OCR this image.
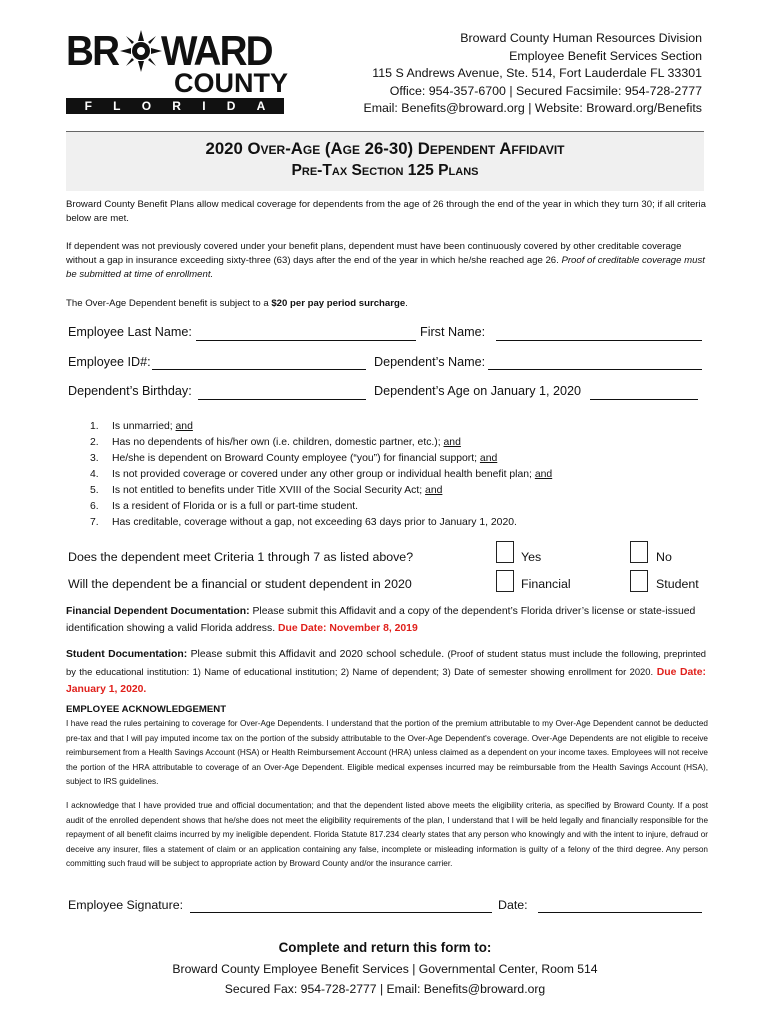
BR WARD
COUNTY
F L O R I D A
Broward County Human Resources Division
Employee Benefit Services Section
115 S Andrews Avenue, Ste. 514, Fort Lauderdale FL 33301
Office: 954-357-6700 | Secured Facsimile: 954-728-2777
Email: Benefits@broward.org | Website: Broward.org/Benefits
2020 Over-Age (Age 26-30) Dependent Affidavit
Pre-Tax Section 125 Plans
Broward County Benefit Plans allow medical coverage for dependents from the age of 26 through the end of the year in which they turn 30; if all criteria below are met.
If dependent was not previously covered under your benefit plans, dependent must have been continuously covered by other creditable coverage without a gap in insurance exceeding sixty-three (63) days after the end of the year in which he/she reached age 26. Proof of creditable coverage must be submitted at time of enrollment.
The Over-Age Dependent benefit is subject to a $20 per pay period surcharge.
Employee Last Name:	First Name:
Employee ID#:	Dependent’s Name:
Dependent’s Birthday:	Dependent’s Age on January 1, 2020
1.	Is unmarried; and
2.	Has no dependents of his/her own (i.e. children, domestic partner, etc.); and
3.	He/she is dependent on Broward County employee (“you”) for financial support; and
4.	Is not provided coverage or covered under any other group or individual health benefit plan; and
5.	Is not entitled to benefits under Title XVIII of the Social Security Act; and
6.	Is a resident of Florida or is a full or part-time student.
7.	Has creditable, coverage without a gap, not exceeding 63 days prior to January 1, 2020.
Does the dependent meet Criteria 1 through 7 as listed above?	Yes	No
Will the dependent be a financial or student dependent in 2020	Financial	Student
Financial Dependent Documentation: Please submit this Affidavit and a copy of the dependent’s Florida driver’s license or state-issued identification showing a valid Florida address. Due Date: November 8, 2019
Student Documentation: Please submit this Affidavit and 2020 school schedule. (Proof of student status must include the following, preprinted by the educational institution: 1) Name of educational institution; 2) Name of dependent; 3) Date of semester showing enrollment for 2020. Due Date: January 1, 2020.
EMPLOYEE ACKNOWLEDGEMENT
I have read the rules pertaining to coverage for Over-Age Dependents. I understand that the portion of the premium attributable to my Over-Age Dependent cannot be deducted pre-tax and that I will pay imputed income tax on the portion of the subsidy attributable to the Over-Age Dependent's coverage. Over-Age Dependents are not eligible to receive reimbursement from a Health Savings Account (HSA) or Health Reimbursement Account (HRA) unless claimed as a dependent on your income taxes. Employees will not receive the portion of the HRA attributable to coverage of an Over-Age Dependent. Eligible medical expenses incurred may be reimbursable from the Health Savings Account (HSA), subject to IRS guidelines.
I acknowledge that I have provided true and official documentation; and that the dependent listed above meets the eligibility criteria, as specified by Broward County. If a post audit of the enrolled dependent shows that he/she does not meet the eligibility requirements of the plan, I understand that I will be held legally and financially responsible for the repayment of all benefit claims incurred by my ineligible dependent. Florida Statute 817.234 clearly states that any person who knowingly and with the intent to injure, defraud or deceive any insurer, files a statement of claim or an application containing any false, incomplete or misleading information is guilty of a felony of the third degree. Any person committing such fraud will be subject to appropriate action by Broward County and/or the insurance carrier.
Employee Signature:	Date:
Complete and return this form to:
Broward County Employee Benefit Services | Governmental Center, Room 514
Secured Fax: 954-728-2777 | Email: Benefits@broward.org
